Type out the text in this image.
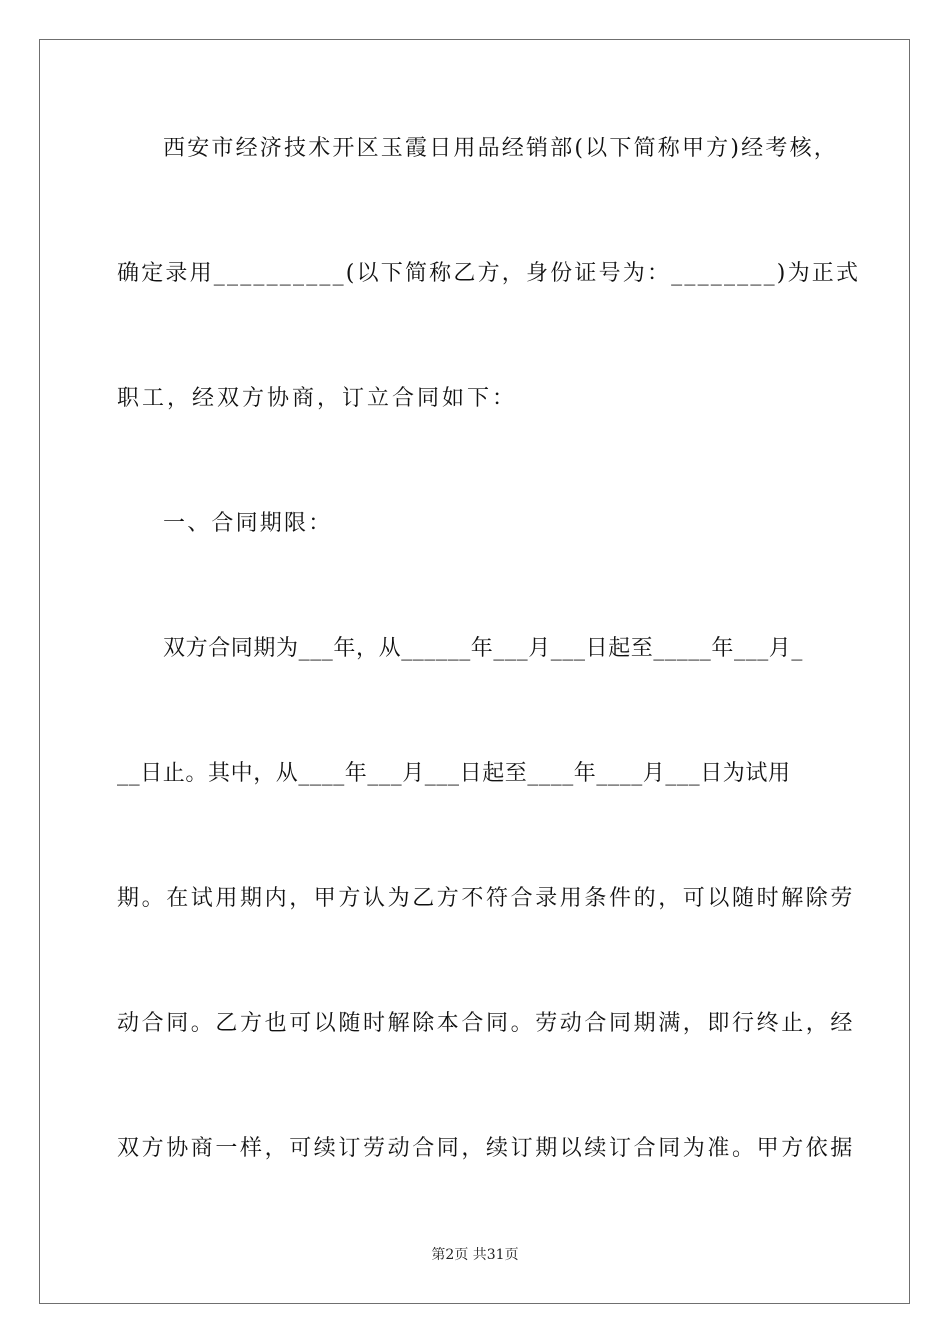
西安市经济技术开区玉霞日用品经销部(以下简称甲方)经考核，
确定录用__________(以下简称乙方，身份证号为：________)为正式
职工，经双方协商，订立合同如下：
一、合同期限：
双方合同期为___年，从______年___月___日起至_____年___月_
__日止。其中，从____年___月___日起至____年____月___日为试用
期。在试用期内，甲方认为乙方不符合录用条件的，可以随时解除劳
动合同。乙方也可以随时解除本合同。劳动合同期满，即行终止，经
双方协商一样，可续订劳动合同，续订期以续订合同为准。甲方依据
第2页 共31页
